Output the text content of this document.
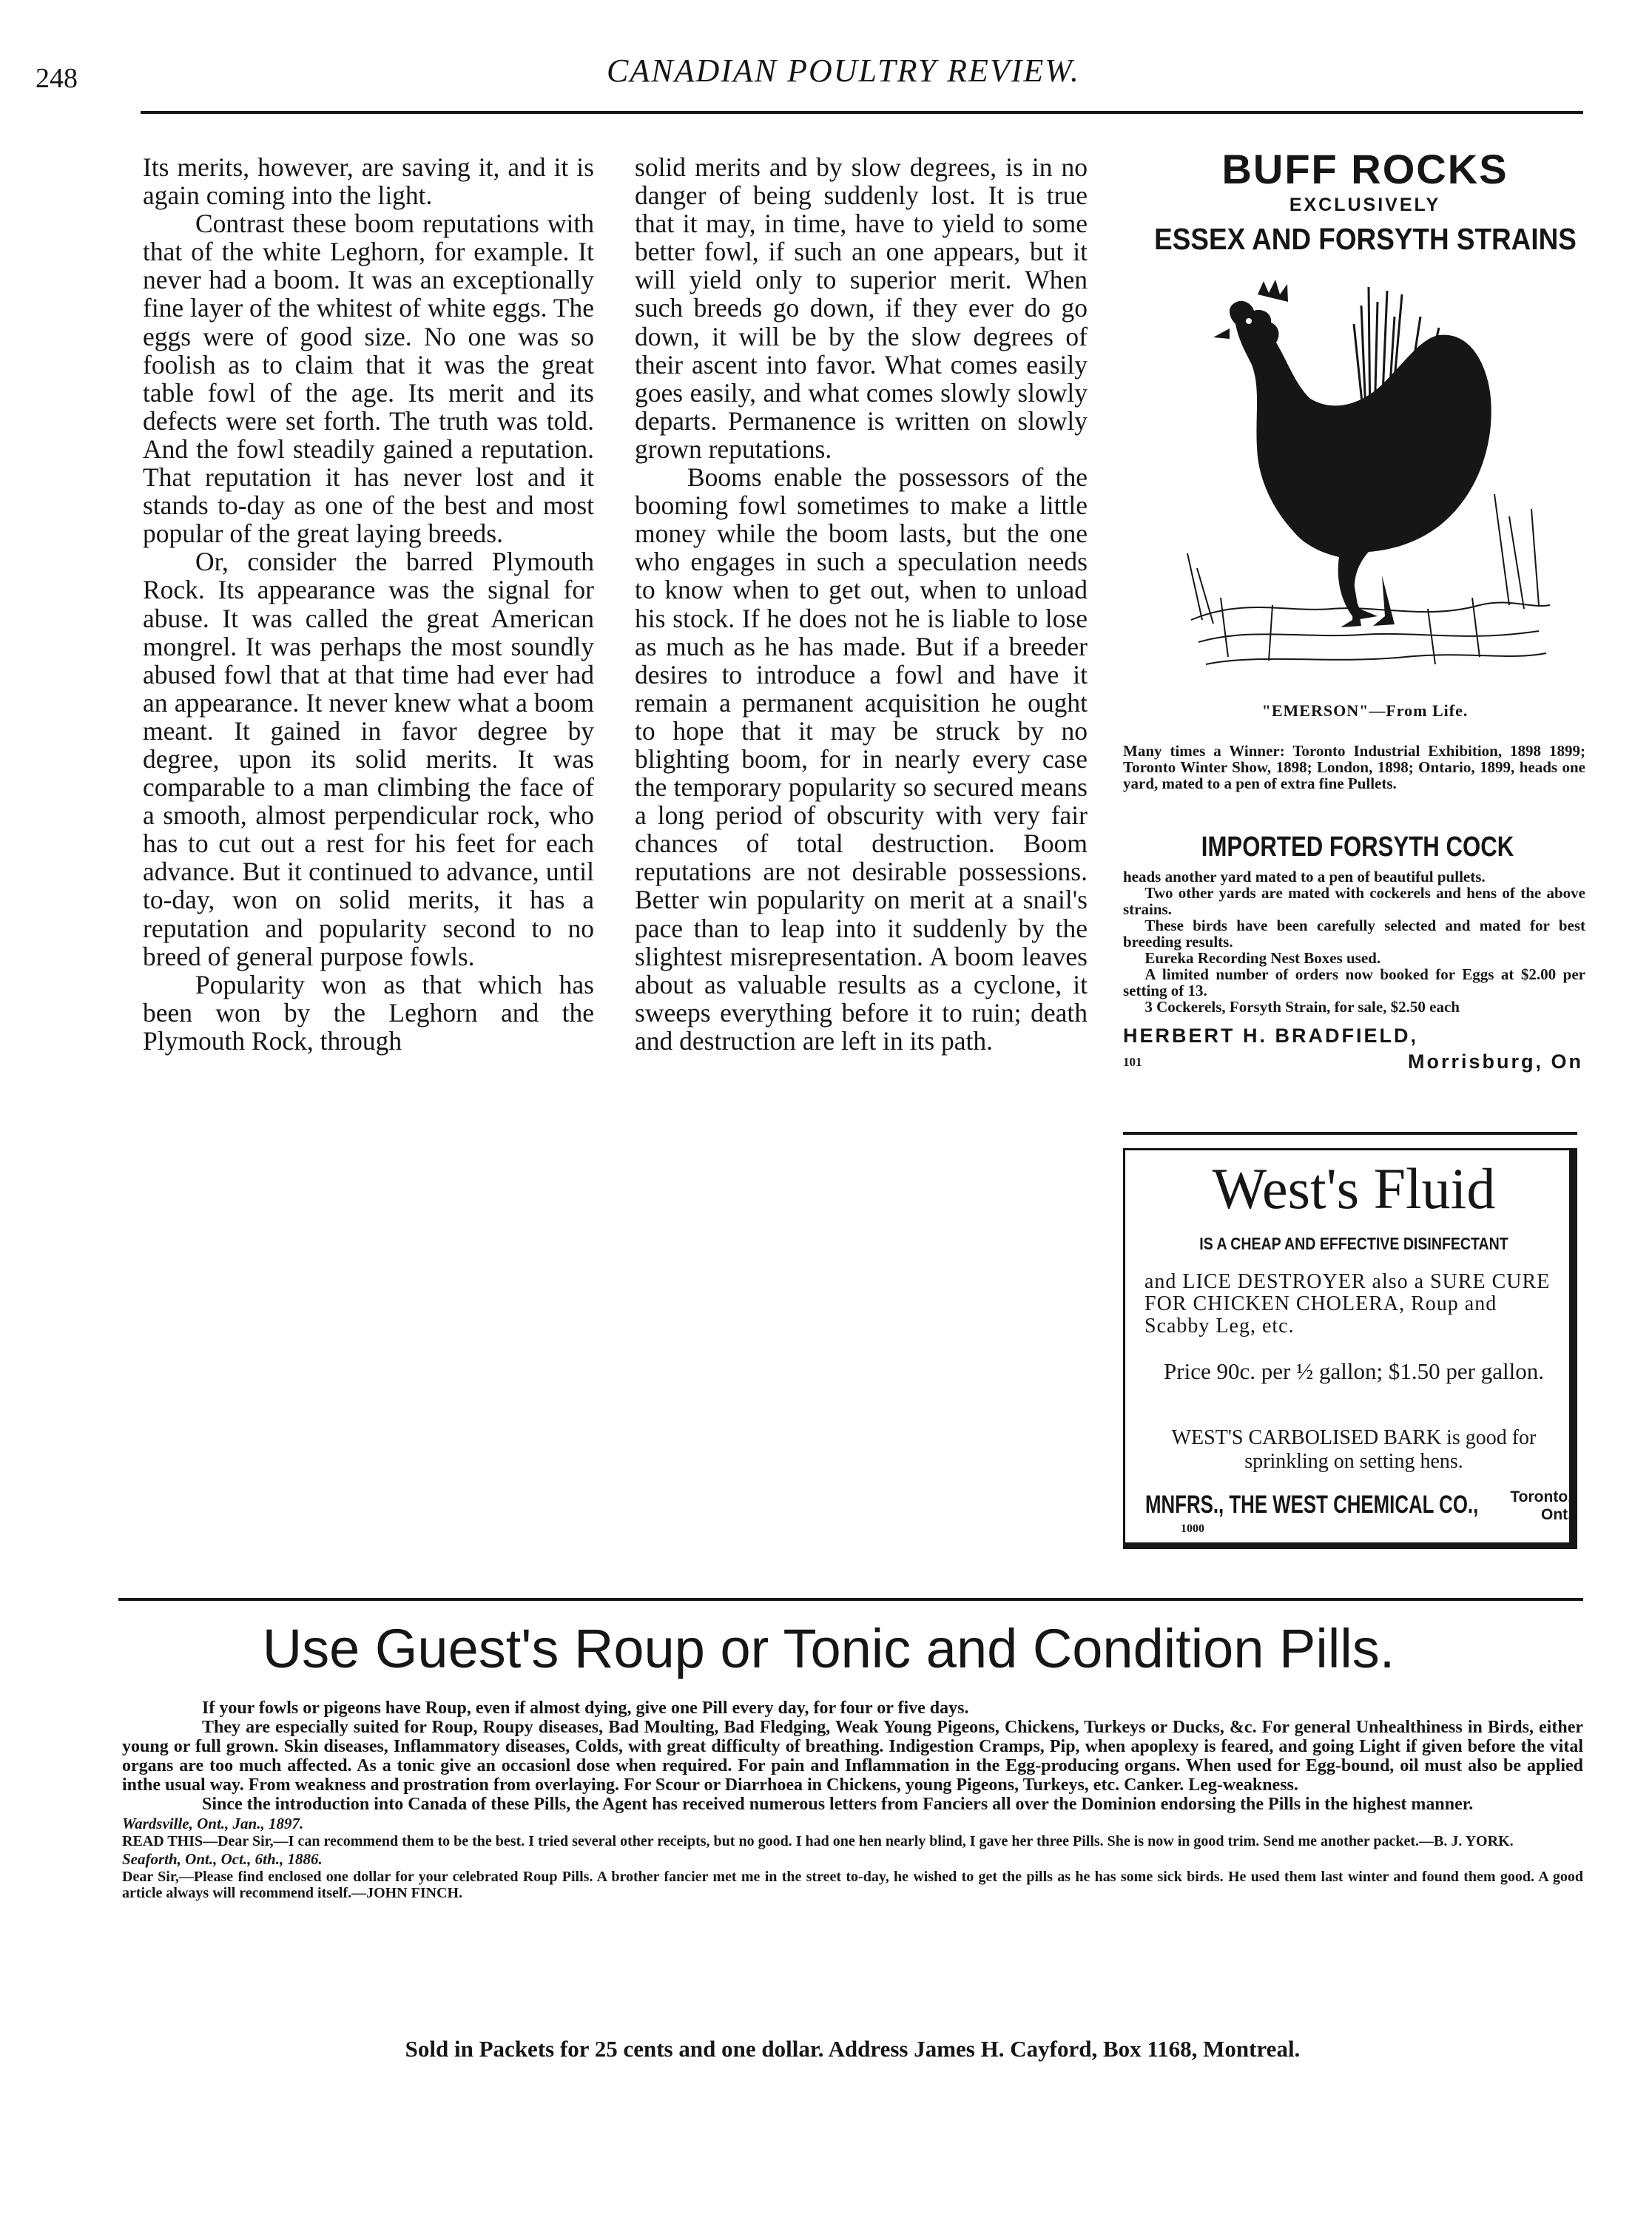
248	CANADIAN POULTRY REVIEW.

Its merits, however, are saving it, and it is again coming into the light.

Contrast these boom reputations with that of the white Leghorn, for example. It never had a boom. It was an exceptionally fine layer of the whitest of white eggs. The eggs were of good size. No one was so foolish as to claim that it was the great table fowl of the age. Its merit and its defects were set forth. The truth was told. And the fowl steadily gained a reputation. That reputation it has never lost and it stands to-day as one of the best and most popular of the great laying breeds.

Or, consider the barred Plymouth Rock. Its appearance was the signal for abuse. It was called the great American mongrel. It was perhaps the most soundly abused fowl that at that time had ever had an appearance. It never knew what a boom meant. It gained in favor degree by degree, upon its solid merits. It was comparable to a man climbing the face of a smooth, almost perpendicular rock, who has to cut out a rest for his feet for each advance. But it continued to advance, until to-day, won on solid merits, it has a reputation and popularity second to no breed of general purpose fowls.

Popularity won as that which has been won by the Leghorn and the Plymouth Rock, through

solid merits and by slow degrees, is in no danger of being suddenly lost. It is true that it may, in time, have to yield to some better fowl, if such an one appears, but it will yield only to superior merit. When such breeds go down, if they ever do go down, it will be by the slow degrees of their ascent into favor. What comes easily goes easily, and what comes slowly slowly departs. Permanence is written on slowly grown reputations.

Booms enable the possessors of the booming fowl sometimes to make a little money while the boom lasts, but the one who engages in such a speculation needs to know when to get out, when to unload his stock. If he does not he is liable to lose as much as he has made. But if a breeder desires to introduce a fowl and have it remain a permanent acquisition he ought to hope that it may be struck by no blighting boom, for in nearly every case the temporary popularity so secured means a long period of obscurity with very fair chances of total destruction. Boom reputations are not desirable possessions. Better win popularity on merit at a snail's pace than to leap into it suddenly by the slightest misrepresentation. A boom leaves about as valuable results as a cyclone, it sweeps everything before it to ruin; death and destruction are left in its path.

BUFF ROCKS
EXCLUSIVELY
ESSEX AND FORSYTH STRAINS
"EMERSON"—From Life.
Many times a Winner: Toronto Industrial Exhibition, 1898 1899; Toronto Winter Show, 1898; London, 1898; Ontario, 1899, heads one yard, mated to a pen of extra fine Pullets.
IMPORTED FORSYTH COCK

heads another yard mated to a pen of beautiful pullets.

Two other yards are mated with cockerels and hens of the above strains.

These birds have been carefully selected and mated for best breeding results.

Eureka Recording Nest Boxes used.

A limited number of orders now booked for Eggs at $2.00 per setting of 13.

3 Cockerels, Forsyth Strain, for sale, $2.50 each

HERBERT H. BRADFIELD,
101	Morrisburg, On
West's Fluid
IS A CHEAP AND EFFECTIVE DISINFECTANT
and LICE DESTROYER also a SURE CURE FOR CHICKEN CHOLERA, Roup and Scabby Leg, etc.
Price 90c. per ½ gallon; $1.50 per gallon.
WEST'S CARBOLISED BARK is good for sprinkling on setting hens.
MNFRS., THE WEST CHEMICAL CO., Toronto,
Ont.
1000
Use Guest's Roup or Tonic and Condition Pills.

If your fowls or pigeons have Roup, even if almost dying, give one Pill every day, for four or five days.

They are especially suited for Roup, Roupy diseases, Bad Moulting, Bad Fledging, Weak Young Pigeons, Chickens, Turkeys or Ducks, &c. For general Unhealthiness in Birds, either young or full grown. Skin diseases, Inflammatory diseases, Colds, with great difficulty of breathing. Indigestion Cramps, Pip, when apoplexy is feared, and going Light if given before the vital organs are too much affected. As a tonic give an occasionl dose when required. For pain and Inflammation in the Egg-producing organs. When used for Egg-bound, oil must also be applied inthe usual way. From weakness and prostration from overlaying. For Scour or Diarrhoea in Chickens, young Pigeons, Turkeys, etc. Canker. Leg-weakness.

Since the introduction into Canada of these Pills, the Agent has received numerous letters from Fanciers all over the Dominion endorsing the Pills in the highest manner.

Wardsville, Ont., Jan., 1897.

READ THIS—Dear Sir,—I can recommend them to be the best. I tried several other receipts, but no good. I had one hen nearly blind, I gave her three Pills. She is now in good trim. Send me another packet.—B. J. YORK.

Seaforth, Ont., Oct., 6th., 1886.

Dear Sir,—Please find enclosed one dollar for your celebrated Roup Pills. A brother fancier met me in the street to-day, he wished to get the pills as he has some sick birds. He used them last winter and found them good. A good article always will recommend itself.—JOHN FINCH.

Sold in Packets for 25 cents and one dollar. Address James H. Cayford, Box 1168, Montreal.
